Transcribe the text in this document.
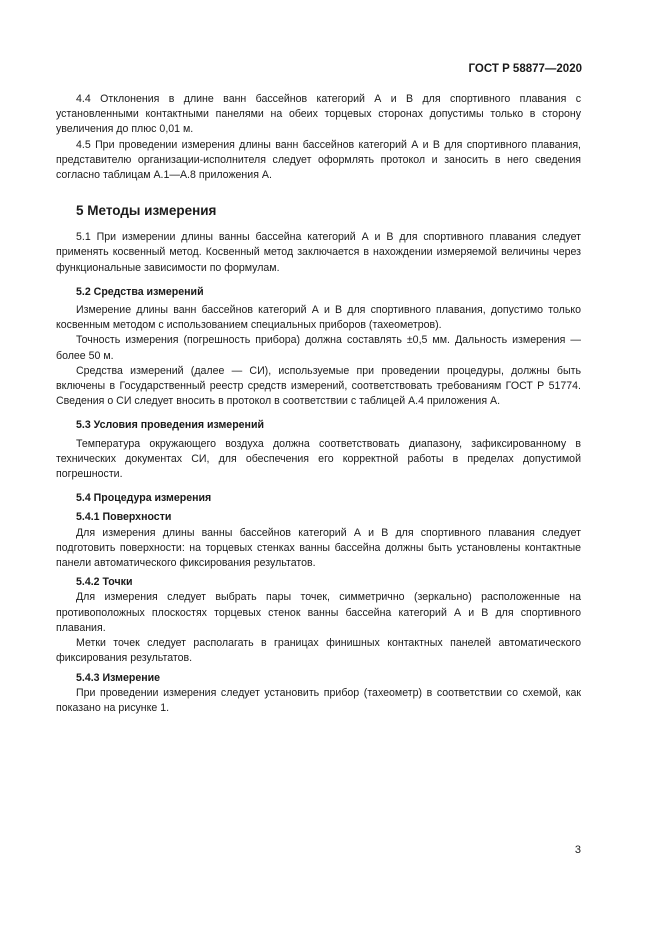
ГОСТ Р 58877—2020

4.4 Отклонения в длине ванн бассейнов категорий А и В для спортивного плавания с установленными контактными панелями на обеих торцевых сторонах допустимы только в сторону увеличения до плюс 0,01 м.

4.5 При проведении измерения длины ванн бассейнов категорий А и В для спортивного плавания, представителю организации-исполнителя следует оформлять протокол и заносить в него сведения согласно таблицам А.1—А.8 приложения А.

5 Методы измерения

5.1 При измерении длины ванны бассейна категорий А и В для спортивного плавания следует применять косвенный метод. Косвенный метод заключается в нахождении измеряемой величины через функциональные зависимости по формулам.

5.2 Средства измерений

Измерение длины ванн бассейнов категорий А и В для спортивного плавания, допустимо только косвенным методом с использованием специальных приборов (тахеометров).

Точность измерения (погрешность прибора) должна составлять ±0,5 мм. Дальность измерения — более 50 м.

Средства измерений (далее — СИ), используемые при проведении процедуры, должны быть включены в Государственный реестр средств измерений, соответствовать требованиям ГОСТ Р 51774. Сведения о СИ следует вносить в протокол в соответствии с таблицей А.4 приложения А.

5.3 Условия проведения измерений

Температура окружающего воздуха должна соответствовать диапазону, зафиксированному в технических документах СИ, для обеспечения его корректной работы в пределах допустимой погрешности.

5.4 Процедура измерения
5.4.1 Поверхности

Для измерения длины ванны бассейнов категорий А и В для спортивного плавания следует подготовить поверхности: на торцевых стенках ванны бассейна должны быть установлены контактные панели автоматического фиксирования результатов.

5.4.2 Точки

Для измерения следует выбрать пары точек, симметрично (зеркально) расположенные на противоположных плоскостях торцевых стенок ванны бассейна категорий А и В для спортивного плавания.

Метки точек следует располагать в границах финишных контактных панелей автоматического фиксирования результатов.

5.4.3 Измерение

При проведении измерения следует установить прибор (тахеометр) в соответствии со схемой, как показано на рисунке 1.

3
